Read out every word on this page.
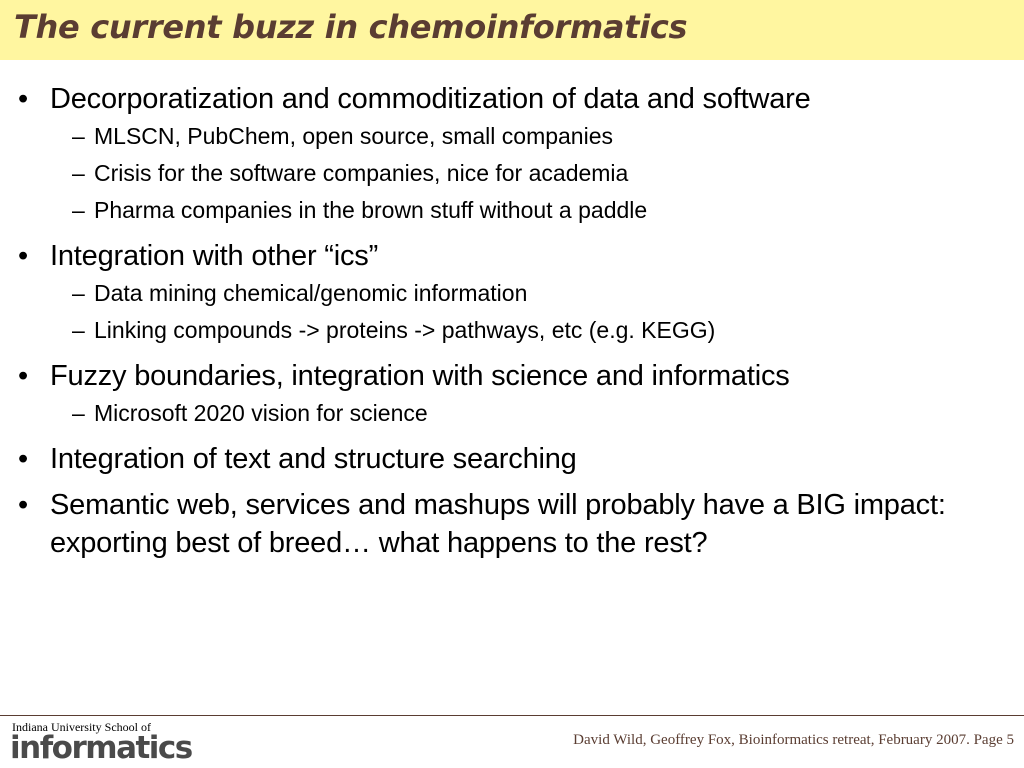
The current buzz in chemoinformatics
• Decorporatization and commoditization of data and software
– MLSCN, PubChem, open source, small companies
– Crisis for the software companies, nice for academia
– Pharma companies in the brown stuff without a paddle
• Integration with other “ics”
– Data mining chemical/genomic information
– Linking compounds -> proteins -> pathways, etc (e.g. KEGG)
• Fuzzy boundaries, integration with science and informatics
– Microsoft 2020 vision for science
• Integration of text and structure searching
• Semantic web, services and mashups will probably have a BIG impact: exporting best of breed… what happens to the rest?
Indiana University School of
informatics	David Wild, Geoffrey Fox, Bioinformatics retreat, February 2007. Page 5
